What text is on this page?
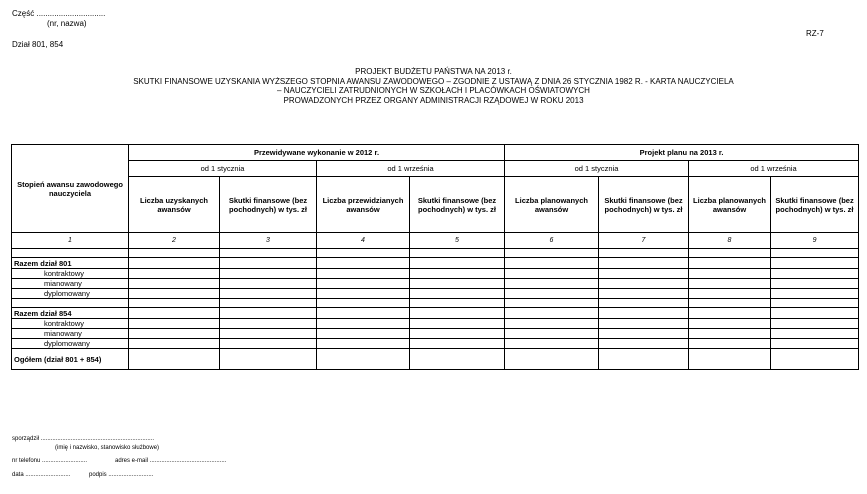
Część ...............................
(nr, nazwa)
Dział 801, 854
RZ-7
PROJEKT BUDŻETU PAŃSTWA NA 2013 r.
SKUTKI FINANSOWE UZYSKANIA WYŻSZEGO STOPNIA AWANSU ZAWODOWEGO – ZGODNIE Z USTAWĄ Z DNIA 26 STYCZNIA 1982 R. - KARTA NAUCZYCIELA
– NAUCZYCIELI ZATRUDNIONYCH W SZKOŁACH I PLACÓWKACH OŚWIATOWYCH
PROWADZONYCH PRZEZ ORGANY ADMINISTRACJI RZĄDOWEJ W ROKU 2013
Stopień awansu zawodowego nauczyciela	Przewidywane wykonanie w 2012 r.				Projekt planu na 2013 r.			
	od 1 stycznia		od 1 września		od 1 stycznia		od 1 września	
	Liczba uzyskanych awansów	Skutki finansowe (bez pochodnych) w tys. zł	Liczba przewidzianych awansów	Skutki finansowe (bez pochodnych) w tys. zł	Liczba planowanych awansów	Skutki finansowe (bez pochodnych) w tys. zł	Liczba planowanych awansów	Skutki finansowe (bez pochodnych) w tys. zł
1	2	3	4	5	6	7	8	9

Razem dział 801								
kontraktowy								
mianowany								
dyplomowany								

Razem dział 854								
kontraktowy								
mianowany								
dyplomowany								
Ogółem (dział 801 + 854)								
sporządził ....................................................................
(imię i nazwisko, stanowisko służbowe)
nr telefonu ...........................	adres e-mail ..............................................
data ...........................	podpis ...........................
